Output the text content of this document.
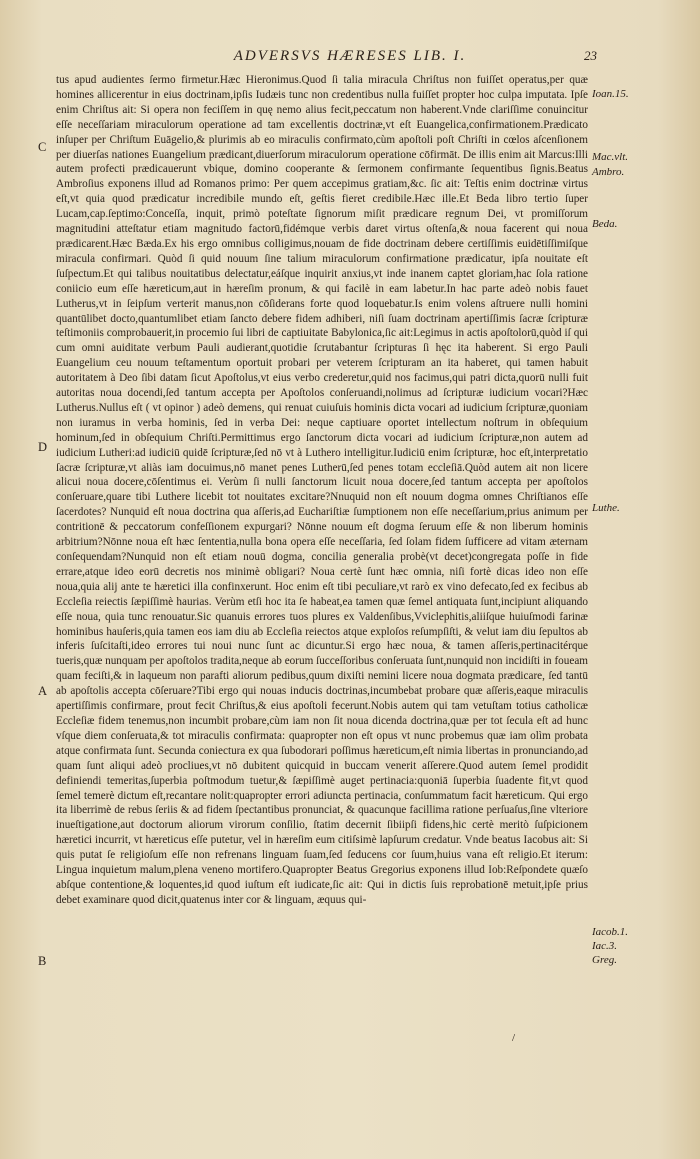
ADVERSVS HÆRESES LIB. I.	23

tus apud audientes ſermo firmetur.Hæc Hieronimus.Quod ſi talia miracula Chriſtus non fuiſſet operatus,per quæ homines allicerentur in eius doctrinam,ipſis Iudæis tunc non credentibus nulla fuiſſet propter hoc culpa imputata. Ipſe enim Chriſtus ait: Si opera non feciſſem in quę nemo alius fecit,peccatum non haberent.Vnde clariſſime conuincitur eſſe neceſſariam miraculorum operatione ad tam excellentis doctrinæ,vt eſt Euangelica,confirmationem.Prædicato inſuper per Chriſtum Euāgelio,& plurimis ab eo miraculis confirmato,cùm apoſtoli poſt Chriſti in cœlos aſcenſionem per diuerſas nationes Euangelium prædicant,diuerſorum miraculorum operatione cōfirmāt. De illis enim ait Marcus:Illi autem profecti prædicauerunt vbique, domino cooperante & ſermonem confirmante ſequentibus ſignis.Beatus Ambroſius exponens illud ad Romanos primo: Per quem accepimus gratiam,&c. ſic ait: Teſtis enim doctrinæ virtus eſt,vt quia quod prædicatur incredibile mundo eſt, geſtis fieret credibile.Hæc ille.Et Beda libro tertio ſuper Lucam,cap.ſeptimo:Conceſſa, inquit, primò poteſtate ſignorum miſit prædicare regnum Dei, vt promiſſorum magnitudini atteſtatur etiam magnitudo factorū,fidémque verbis daret virtus oſtenſa,& noua facerent qui noua prædicarent.Hæc Bæda.Ex his ergo omnibus colligimus,nouam de fide doctrinam debere certiſſimis euidētiſſimiſque miracula confirmari. Quòd ſi quid nouum ſine talium miraculorum confirmatione prædicatur, ipſa nouitate eſt ſuſpectum.Et qui talibus nouitatibus delectatur,eáſque inquirit anxius,vt inde inanem captet gloriam,hac ſola ratione coniicio eum eſſe hæreticum,aut in hæreſim pronum, & qui facilè in eam labetur.In hac parte adeò nobis fauet Lutherus,vt in ſeipſum verterit manus,non cōſiderans forte quod loquebatur.Is enim volens aſtruere nulli homini quantūlibet docto,quantumlibet etiam ſancto debere fidem adhiberi, niſi ſuam doctrinam apertiſſimis ſacræ ſcripturæ teſtimoniis comprobauerit,in procemio ſui libri de captiuitate Babylonica,ſic ait:Legimus in actis apoſtolorū,quòd iſ qui cum omni auiditate verbum Pauli audierant,quotidie ſcrutabantur ſcripturas ſi hęc ita haberent. Si ergo Pauli Euangelium ceu nouum teſtamentum oportuit probari per veterem ſcripturam an ita haberet, qui tamen habuit autoritatem à Deo ſibi datam ſicut Apoſtolus,vt eius verbo crederetur,quid nos facimus,qui patri dicta,quorū nulli fuit autoritas noua docendi,ſed tantum accepta per Apoſtolos conſeruandi,nolimus ad ſcripturæ iudicium vocari?Hæc Lutherus.Nullus eſt ( vt opinor ) adeò demens, qui renuat cuiuſuis hominis dicta vocari ad iudicium ſcripturæ,quoniam non iuramus in verba hominis, ſed in verba Dei: neque captiuare oportet intellectum noſtrum in obſequium hominum,ſed in obſequium Chriſti.Permittimus ergo ſanctorum dicta vocari ad iudicium ſcripturæ,non autem ad iudicium Lutheri:ad iudiciū quidē ſcripturæ,ſed nō vt à Luthero intelligitur.Iudiciū enim ſcripturæ, hoc eſt,interpretatio ſacræ ſcripturæ,vt aliàs iam docuimus,nō manet penes Lutherū,ſed penes totam eccleſiā.Quòd autem ait non licere alicui noua docere,cōſentimus ei. Verùm ſi nulli ſanctorum licuit noua docere,ſed tantum accepta per apoſtolos conſeruare,quare tibi Luthere licebit tot nouitates excitare?Nnuquid non eſt nouum dogma omnes Chriſtianos eſſe ſacerdotes? Nunquid eſt noua doctrina qua aſſeris,ad Euchariſtiæ ſumptionem non eſſe neceſſarium,prius animum per contritionē & peccatorum confeſſionem expurgari? Nōnne nouum eſt dogma ſeruum eſſe & non liberum hominis arbitrium?Nōnne noua eſt hæc ſententia,nulla bona opera eſſe neceſſaria, ſed ſolam fidem ſufficere ad vitam æternam conſequendam?Nunquid non eſt etiam nouū dogma, concilia generalia probè(vt decet)congregata poſſe in fide errare,atque ideo eorū decretis nos minimè obligari? Noua certè ſunt hæc omnia, niſi fortè dicas ideo non eſſe noua,quia alij ante te hæretici illa confinxerunt. Hoc enim eſt tibi peculiare,vt rarò ex vino defecato,ſed ex fecibus ab Eccleſia reiectis ſæpiſſimè haurias. Verùm etſi hoc ita ſe habeat,ea tamen quæ ſemel antiquata ſunt,incipiunt aliquando eſſe noua, quia tunc renouatur.Sic quanuis errores tuos plures ex Valdenſibus,Vviclephitis,aliiſque huiuſmodi farinæ hominibus hauſeris,quia tamen eos iam diu ab Eccleſia reiectos atque exploſos reſumpſiſti, & velut iam diu ſepultos ab inferis ſuſcitaſti,ideo errores tui noui nunc ſunt ac dicuntur.Si ergo hæc noua, & tamen aſſeris,pertinacitérque tueris,quæ nunquam per apoſtolos tradita,neque ab eorum ſucceſſoribus conſeruata ſunt,nunquid non incidiſti in foueam quam feciſti,& in laqueum non parafti aliorum pedibus,quum dixiſti nemini licere noua dogmata prædicare, ſed tantū ab apoſtolis accepta cōſeruare?Tibi ergo qui nouas inducis doctrinas,incumbebat probare quæ aſſeris,eaque miraculis apertiſſimis confirmare, prout fecit Chriſtus,& eius apoſtoli fecerunt.Nobis autem qui tam vetuſtam totius catholicæ Eccleſiæ fidem tenemus,non incumbit probare,cùm iam non ſit noua dicenda doctrina,quæ per tot ſecula eſt ad hunc vſque diem conſeruata,& tot miraculis confirmata: quapropter non eſt opus vt nunc probemus quæ iam olìm probata atque confirmata ſunt. Secunda coniectura ex qua ſubodorari poſſimus hæreticum,eſt nimia libertas in pronunciando,ad quam ſunt aliqui adeò procliues,vt nō dubitent quicquid in buccam venerit aſſerere.Quod autem ſemel prodidit definiendi temeritas,ſuperbia poſtmodum tuetur,& ſæpiſſimè auget pertinacia:quoniā ſuperbia ſuadente fit,vt quod ſemel temerè dictum eſt,recantare nolit:quapropter errori adiuncta pertinacia, conſummatum facit hæreticum. Qui ergo ita liberrimè de rebus ſeriis & ad fidem ſpectantibus pronunciat, & quacunque facillima ratione perſuaſus,ſine vlteriore inueſtigatione,aut doctorum aliorum virorum conſilio, ſtatim decernit ſibiipſi fidens,hic certè meritò ſuſpicionem hæretici incurrit, vt hæreticus eſſe putetur, vel in hæreſim eum citiſsimè lapſurum credatur. Vnde beatus Iacobus ait: Si quis putat ſe religioſum eſſe non refrenans linguam ſuam,ſed ſeducens cor ſuum,huius vana eſt religio.Et iterum: Lingua inquietum malum,plena veneno mortifero.Quapropter Beatus Gregorius exponens illud Iob:Reſpondete quæſo abſque contentione,& loquentes,id quod iuſtum eſt iudicate,ſic ait: Qui in dictis ſuis reprobationē metuit,ipſe prius debet examinare quod dicit,quatenus inter cor & linguam, æquus qui-

Ioan.15.
Mac.vlt.
Ambro.
Beda.
Luthe.
Iacob.1.
Iac.3.
Greg.
C
D
A
B
/
